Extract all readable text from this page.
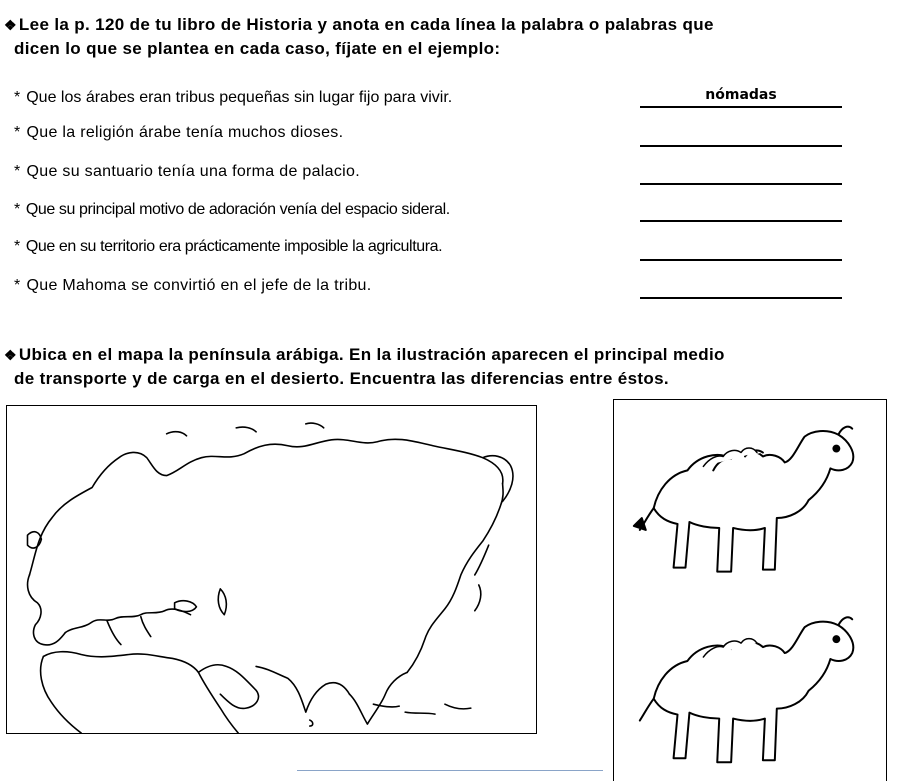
❖ Lee la p. 120 de tu libro de Historia y anota en cada línea la palabra o palabras que
dicen lo que se plantea en cada caso, fíjate en el ejemplo:
* Que los árabes eran tribus pequeñas sin lugar fijo para vivir.	nómadas
* Que la religión árabe tenía muchos dioses.
* Que su santuario tenía una forma de palacio.
* Que su principal motivo de adoración venía del espacio sideral.
* Que en su territorio era prácticamente imposible la agricultura.
* Que Mahoma se convirtió en el jefe de la tribu.
❖ Ubica en el mapa la península arábiga. En la ilustración aparecen el principal medio
de transporte y de carga en el desierto. Encuentra las diferencias entre éstos.
